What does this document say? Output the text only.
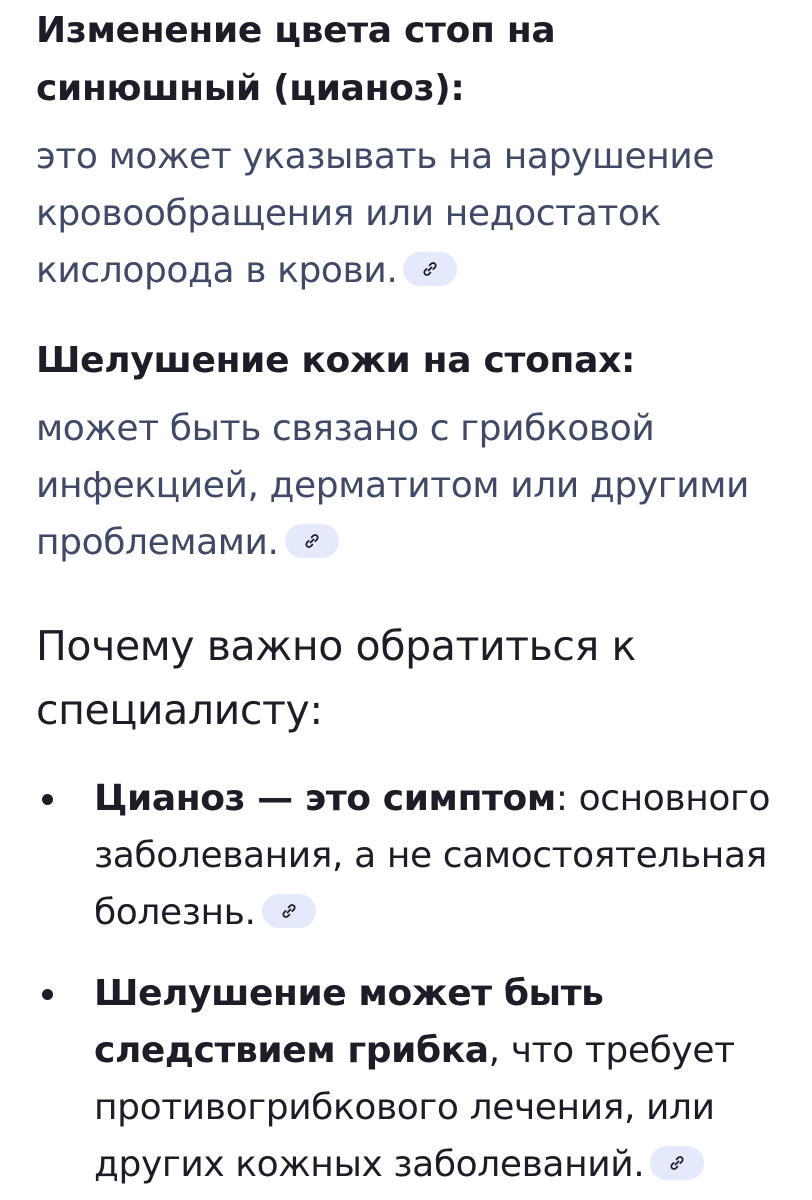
Изменение цвета стоп на синюшный (цианоз):
это может указывать на нарушение кровообращения или недостаток кислорода в крови.
Шелушение кожи на стопах:
может быть связано с грибковой инфекцией, дерматитом или другими проблемами.
Почему важно обратиться к специалисту:
Цианоз — это симптом: основного заболевания, а не самостоятельная болезнь.
Шелушение может быть следствием грибка, что требует противогрибкового лечения, или других кожных заболеваний.
